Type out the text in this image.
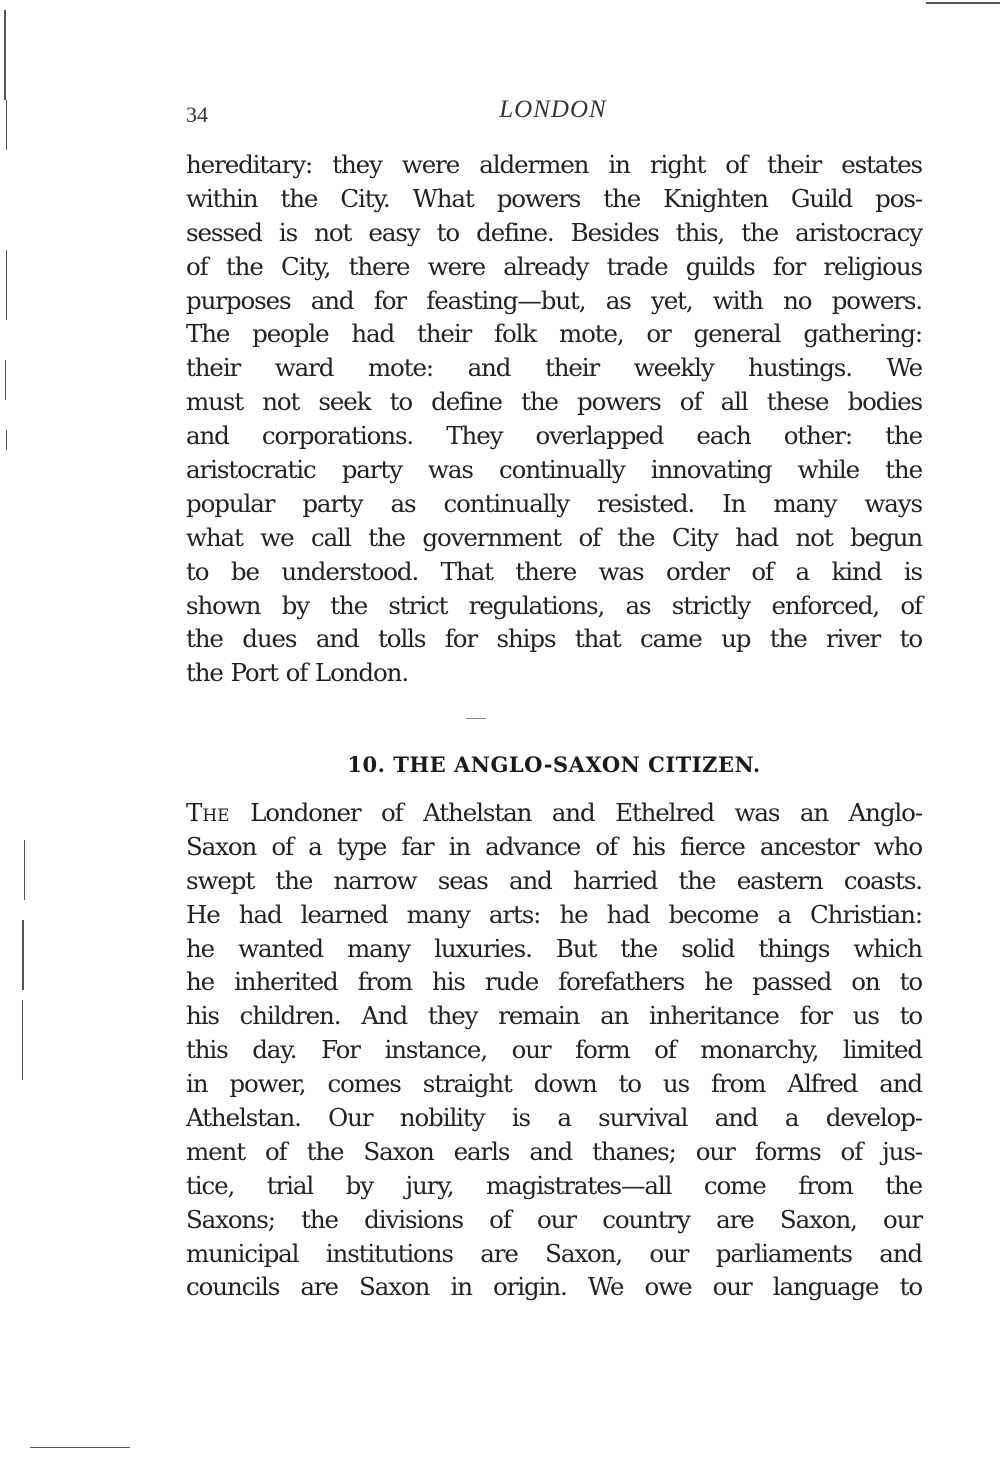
34	LONDON
hereditary: they were aldermen in right of their estates
within the City. What powers the Knighten Guild pos-
sessed is not easy to define. Besides this, the aristocracy
of the City, there were already trade guilds for religious
purposes and for feasting—but, as yet, with no powers.
The people had their folk mote, or general gathering:
their ward mote: and their weekly hustings. We
must not seek to define the powers of all these bodies
and corporations. They overlapped each other: the
aristocratic party was continually innovating while the
popular party as continually resisted. In many ways
what we call the government of the City had not begun
to be understood. That there was order of a kind is
shown by the strict regulations, as strictly enforced, of
the dues and tolls for ships that came up the river to
the Port of London.
10. THE ANGLO-SAXON CITIZEN.
The Londoner of Athelstan and Ethelred was an Anglo-
Saxon of a type far in advance of his fierce ancestor who
swept the narrow seas and harried the eastern coasts.
He had learned many arts: he had become a Christian:
he wanted many luxuries. But the solid things which
he inherited from his rude forefathers he passed on to
his children. And they remain an inheritance for us to
this day. For instance, our form of monarchy, limited
in power, comes straight down to us from Alfred and
Athelstan. Our nobility is a survival and a develop-
ment of the Saxon earls and thanes; our forms of jus-
tice, trial by jury, magistrates—all come from the
Saxons; the divisions of our country are Saxon, our
municipal institutions are Saxon, our parliaments and
councils are Saxon in origin. We owe our language to
